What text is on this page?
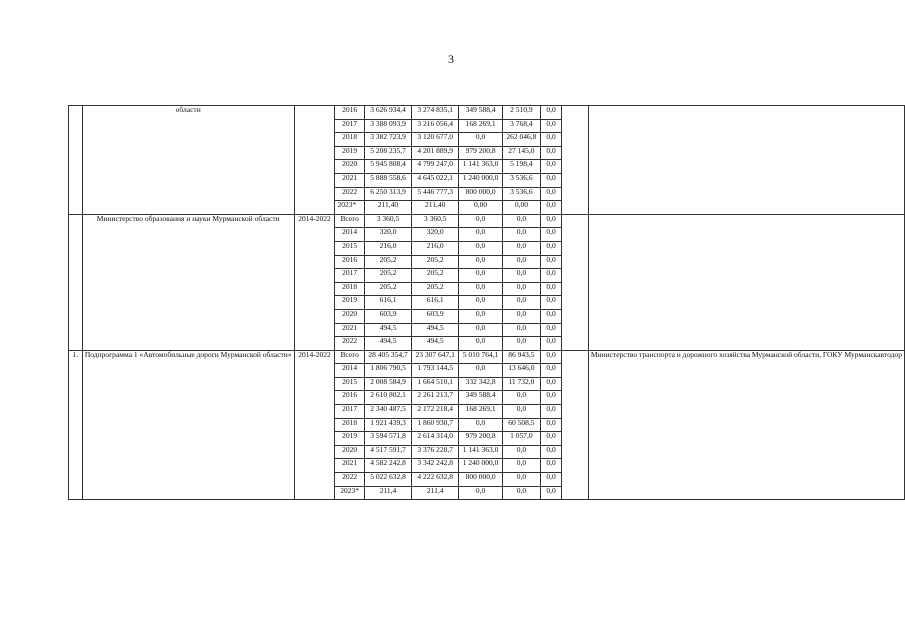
3
	области		2016	3 626 934,4	3 274 835,1	349 588,4	2 510,9	0,0		
			2017	3 388 093,9	3 216 056,4	168 269,1	3 768,4	0,0		
			2018	3 382 723,9	3 120 677,0	0,0	262 046,8	0,0		
			2019	5 208 235,7	4 201 889,9	979 200,8	27 145,0	0,0		
			2020	5 945 808,4	4 799 247,0	1 141 363,0	5 198,4	0,0		
			2021	5 888 558,6	4 645 022,1	1 240 000,0	3 536,6	0,0		
			2022	6 250 313,9	5 446 777,3	800 000,0	3 536,6	0,0		
			2023*	211,40	211,40	0,00	0,00	0,0		
	Министерство образования и науки Мурманской области	2014-2022	Всего	3 360,5	3 360,5	0,0	0,0	0,0		
			2014	320,0	320,0	0,0	0,0	0,0		
			2015	216,0	216,0	0,0	0,0	0,0		
			2016	205,2	205,2	0,0	0,0	0,0		
			2017	205,2	205,2	0,0	0,0	0,0		
			2018	205,2	205,2	0,0	0,0	0,0		
			2019	616,1	616,1	0,0	0,0	0,0		
			2020	603,9	603,9	0,0	0,0	0,0		
			2021	494,5	494,5	0,0	0,0	0,0		
			2022	494,5	494,5	0,0	0,0	0,0		
1.	Подпрограмма 1 «Автомобильные дороги Мурманской области»	2014-2022	Всего	28 405 354,7	23 307 647,1	5 010 764,1	86 943,5	0,0		Министерство транспорта и дорожного хозяйства Мурманской области, ГОКУ Мурманскавтодор
			2014	1 806 790,5	1 793 144,5	0,0	13 646,0	0,0		
			2015	2 008 584,9	1 664 510,1	332 342,8	11 732,0	0,0		
			2016	2 610 802,1	2 261 213,7	349 588,4	0,0	0,0		
			2017	2 340 487,5	2 172 218,4	168 269,1	0,0	0,0		
			2018	1 921 439,3	1 860 930,7	0,0	60 508,5	0,0		
			2019	3 594 571,8	2 614 314,0	979 200,8	1 057,0	0,0		
			2020	4 517 591,7	3 376 228,7	1 141 363,0	0,0	0,0		
			2021	4 582 242,8	3 342 242,8	1 240 000,0	0,0	0,0		
			2022	5 022 632,8	4 222 632,8	800 000,0	0,0	0,0		
			2023*	211,4	211,4	0,0	0,0	0,0		
